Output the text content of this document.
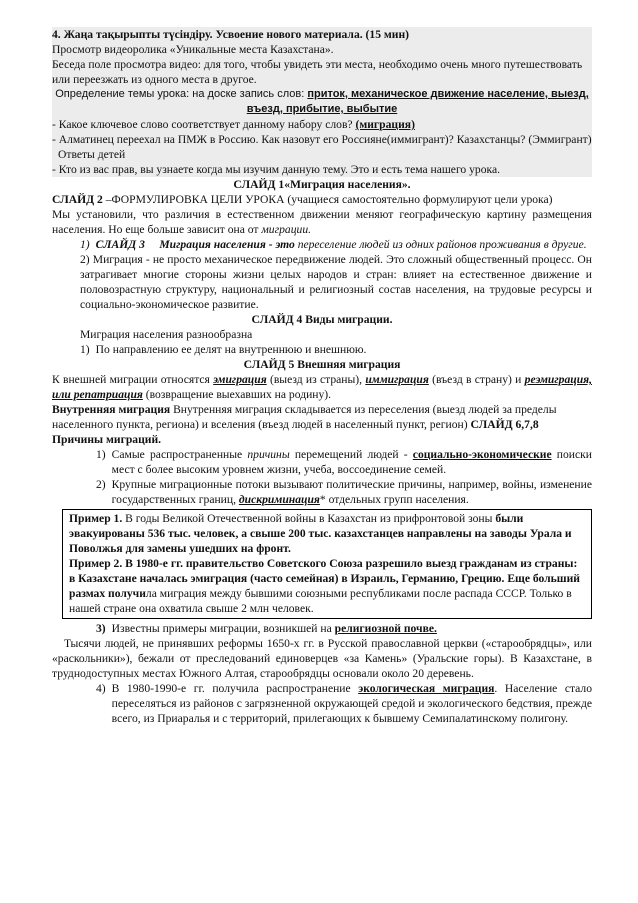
4. Жаңа тақырыпты түсіндіру. Усвоение нового материала. (15 мин)

Просмотр видеоролика «Уникальные места Казахстана».

Беседа поле просмотра видео: для того, чтобы увидеть эти места, необходимо очень много путешествовать или переезжать из одного места в другое.

Определение темы урока: на доске запись слов: приток, механическое движение население, выезд, въезд, прибытие, выбытие

- Какое ключевое слово соответствует данному набору слов? (миграция)

- Алматинец переехал на ПМЖ в Россию. Как назовут его Россияне(иммигрант)? Казахстанцы? (Эммигрант)

Ответы детей

- Кто из вас прав, вы узнаете когда мы изучим данную тему. Это и есть тема нашего урока.

СЛАЙД 1«Миграция населения».

СЛАЙД 2 –ФОРМУЛИРОВКА ЦЕЛИ УРОКА (учащиеся самостоятельно формулируют цели урока)

Мы установили, что различия в естественном движении меняют географическую картину размещения населения. Но еще больше зависит она от миграции.

1) СЛАЙД 3 Миграция населения - это переселение людей из одних районов проживания в другие.

2) Миграция - не просто механическое передвижение людей. Это сложный общественный процесс. Он затрагивает многие стороны жизни целых народов и стран: влияет на естественное движение и половозрастную структуру, национальный и религиозный состав населения, на трудовые ресурсы и социально-экономическое развитие.

СЛАЙД 4 Виды миграции.

Миграция населения разнообразна

1) По направлению ее делят на внутреннюю и внешнюю.

СЛАЙД 5 Внешняя миграция

К внешней миграции относятся эмиграция (выезд из страны), иммиграция (въезд в страну) и реэмиграция, или репатриация (возвращение выехавших на родину).

Внутренняя миграция Внутренняя миграция складывается из переселения (выезд людей за пределы населенного пункта, региона) и вселения (въезд людей в населенный пункт, регион) СЛАЙД 6,7,8 Причины миграций.

1) Самые распространенные причины перемещений людей - социально-экономические поиски мест с более высоким уровнем жизни, учеба, воссоединение семей.

2) Крупные миграционные потоки вызывают политические причины, например, войны, изменение государственных границ, дискриминация* отдельных групп населения.

Пример 1. В годы Великой Отечественной войны в Казахстан из прифронтовой зоны были эвакуированы 536 тыс. человек, а свыше 200 тыс. казахстанцев направлены на заводы Урала и Поволжья для замены ушедших на фронт.

Пример 2. В 1980-е гг. правительство Советского Союза разрешило выезд гражданам из страны: в Казахстане началась эмиграция (часто семейная) в Израиль, Германию, Грецию. Еще больший размах получила миграция между бывшими союзными республиками после распада СССР. Только в нашей стране она охватила свыше 2 млн человек.

3) Известны примеры миграции, возникшей на религиозной почве.

Тысячи людей, не принявших реформы 1650-х гг. в Русской православной церкви («старообрядцы», или «раскольники»), бежали от преследований единоверцев «за Камень» (Уральские горы). В Казахстане, в труднодоступных местах Южного Алтая, старообрядцы основали около 20 деревень.

4) В 1980-1990-е гг. получила распространение экологическая миграция. Население стало переселяться из районов с загрязненной окружающей средой и экологического бедствия, прежде всего, из Приаралья и с территорий, прилегающих к бывшему Семипалатинскому полигону.
